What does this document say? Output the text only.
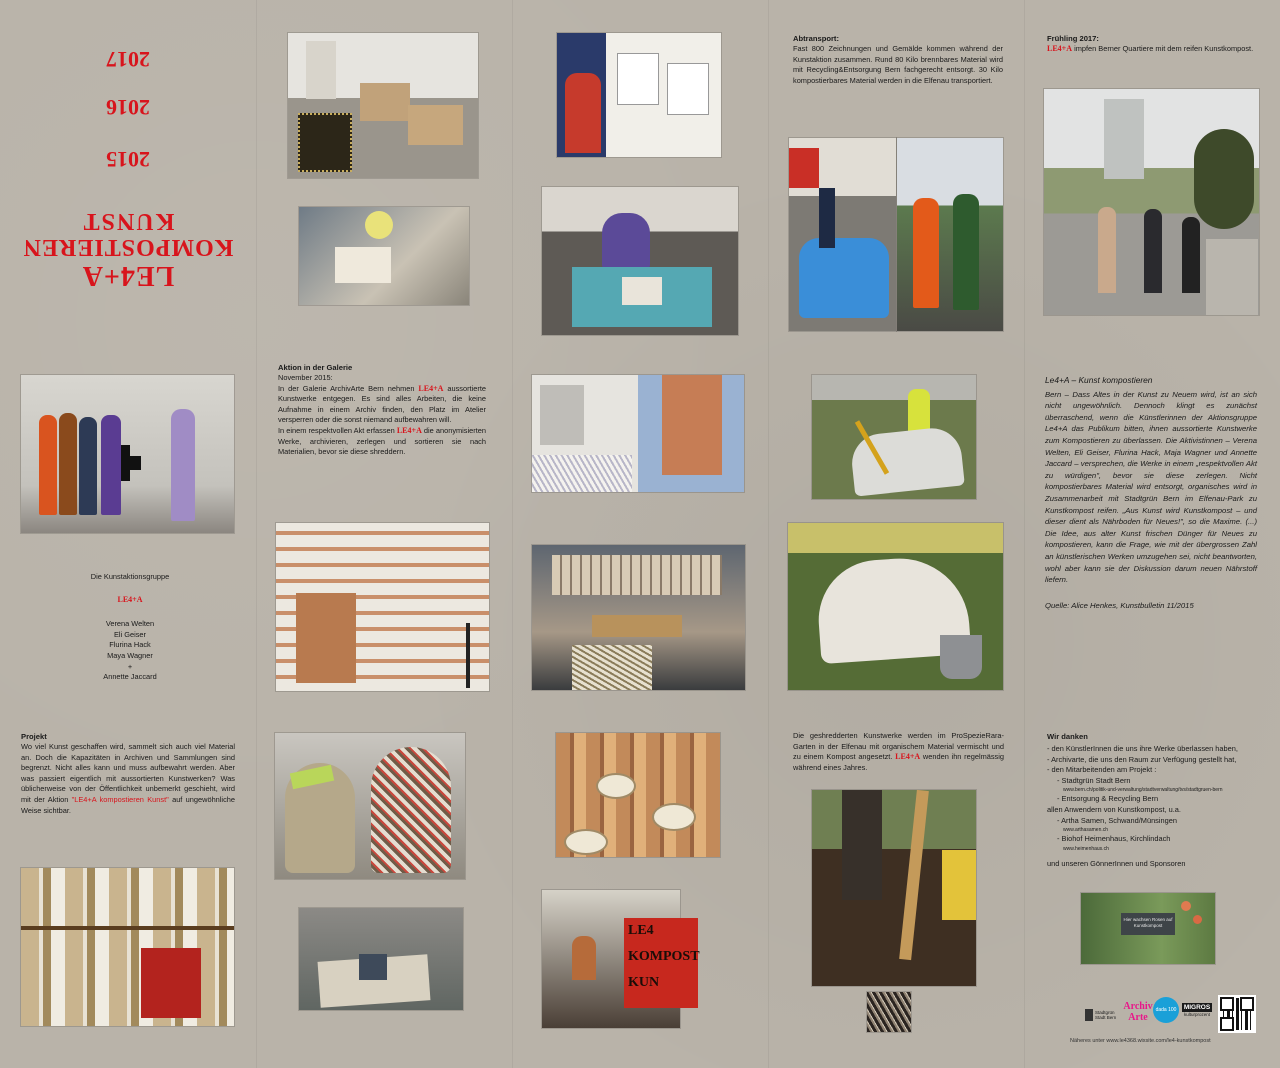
LE4+A
KOMPOSTIEREN
KUNST
2015
2016
2017
Die Kunstaktionsgruppe
LE4+A
Verena Welten
Eli Geiser
Flurina Hack
Maya Wagner
+
Annette Jaccard
Projekt

Wo viel Kunst geschaffen wird, sammelt sich auch viel Material an. Doch die Kapazitäten in Archiven und Sammlungen sind begrenzt. Nicht alles kann und muss aufbewahrt werden. Aber was passiert eigentlich mit aussortierten Kunstwerken? Was üblicherweise von der Öffentlichkeit unbemerkt geschieht, wird mit der Aktion "LE4+A kompostieren Kunst" auf ungewöhnliche Weise sichtbar.

Aktion in der Galerie

November 2015:

In der Galerie ArchivArte Bern nehmen LE4+A aussortierte Kunstwerke entgegen. Es sind alles Arbeiten, die keine Aufnahme in einem Archiv finden, den Platz im Atelier versperren oder die sonst niemand aufbewahren will.

In einem respektvollen Akt erfassen LE4+A die anonymisierten Werke, archivieren, zerlegen und sortieren sie nach Materialien, bevor sie diese shreddern.

LE4
KOMPOST
KUN
Abtransport:

Fast 800 Zeichnungen und Gemälde kommen während der Kunstaktion zusammen. Rund 80 Kilo brennbares Material wird mit Recycling&Entsorgung Bern fachgerecht entsorgt. 30 Kilo kompostierbares Material werden in die Elfenau transportiert.

Die geshredderten Kunstwerke werden im ProSpezieRara-Garten in der Elfenau mit organischem Material vermischt und zu einem Kompost angesetzt. LE4+A wenden ihn regelmässig während eines Jahres.

Frühling 2017:

LE4+A impfen Berner Quartiere mit dem reifen Kunstkompost.

Le4+A – Kunst kompostieren

Bern – Dass Altes in der Kunst zu Neuem wird, ist an sich nicht ungewöhnlich. Dennoch klingt es zunächst überraschend, wenn die Künstlerinnen der Aktionsgruppe Le4+A das Publikum bitten, ihnen aussortierte Kunstwerke zum Kompostieren zu überlassen. Die Aktivistinnen – Verena Welten, Eli Geiser, Flurina Hack, Maja Wagner und Annette Jaccard – versprechen, die Werke in einem „respektvollen Akt zu würdigen", bevor sie diese zerlegen. Nicht kompostierbares Material wird entsorgt, organisches wird in Zusammenarbeit mit Stadtgrün Bern im Elfenau-Park zu Kunstkompost reifen. „Aus Kunst wird Kunstkompost – und dieser dient als Nährboden für Neues!", so die Maxime. (...) Die Idee, aus alter Kunst frischen Dünger für Neues zu kompostieren, kann die Frage, wie mit der übergrossen Zahl an künstlerischen Werken umzugehen sei, nicht beantworten, wohl aber kann sie der Diskussion darum neuen Nährstoff liefern.

Quelle: Alice Henkes, Kunstbulletin 11/2015

Wir danken
- den KünstlerInnen die uns ihre Werke überlassen haben,
- Archivarte, die uns den Raum zur Verfügung gestellt hat,
- den Mitarbeitenden am Projekt :
- Stadtgrün Stadt Bern
www.bern.ch/politik-und-verwaltung/stadtverwaltung/tvs/stadtgruen-bern
- Entsorgung & Recycling Bern
allen Anwendern von Kunstkompost, u.a.
- Artha Samen, Schwand/Münsingen
www.arthasamen.ch
- Biohof Heimenhaus, Kirchlindach
www.heimenhaus.ch
und unseren GönnerInnen und Sponsoren
Hier wachsen Rosen auf Kunstkompost
Stadtgrün Stadt Bern
Archiv Arte
dada 100	MIGROS
kulturprozent
Näheres unter www.le4368.wixsite.com/le4-kunstkompost
